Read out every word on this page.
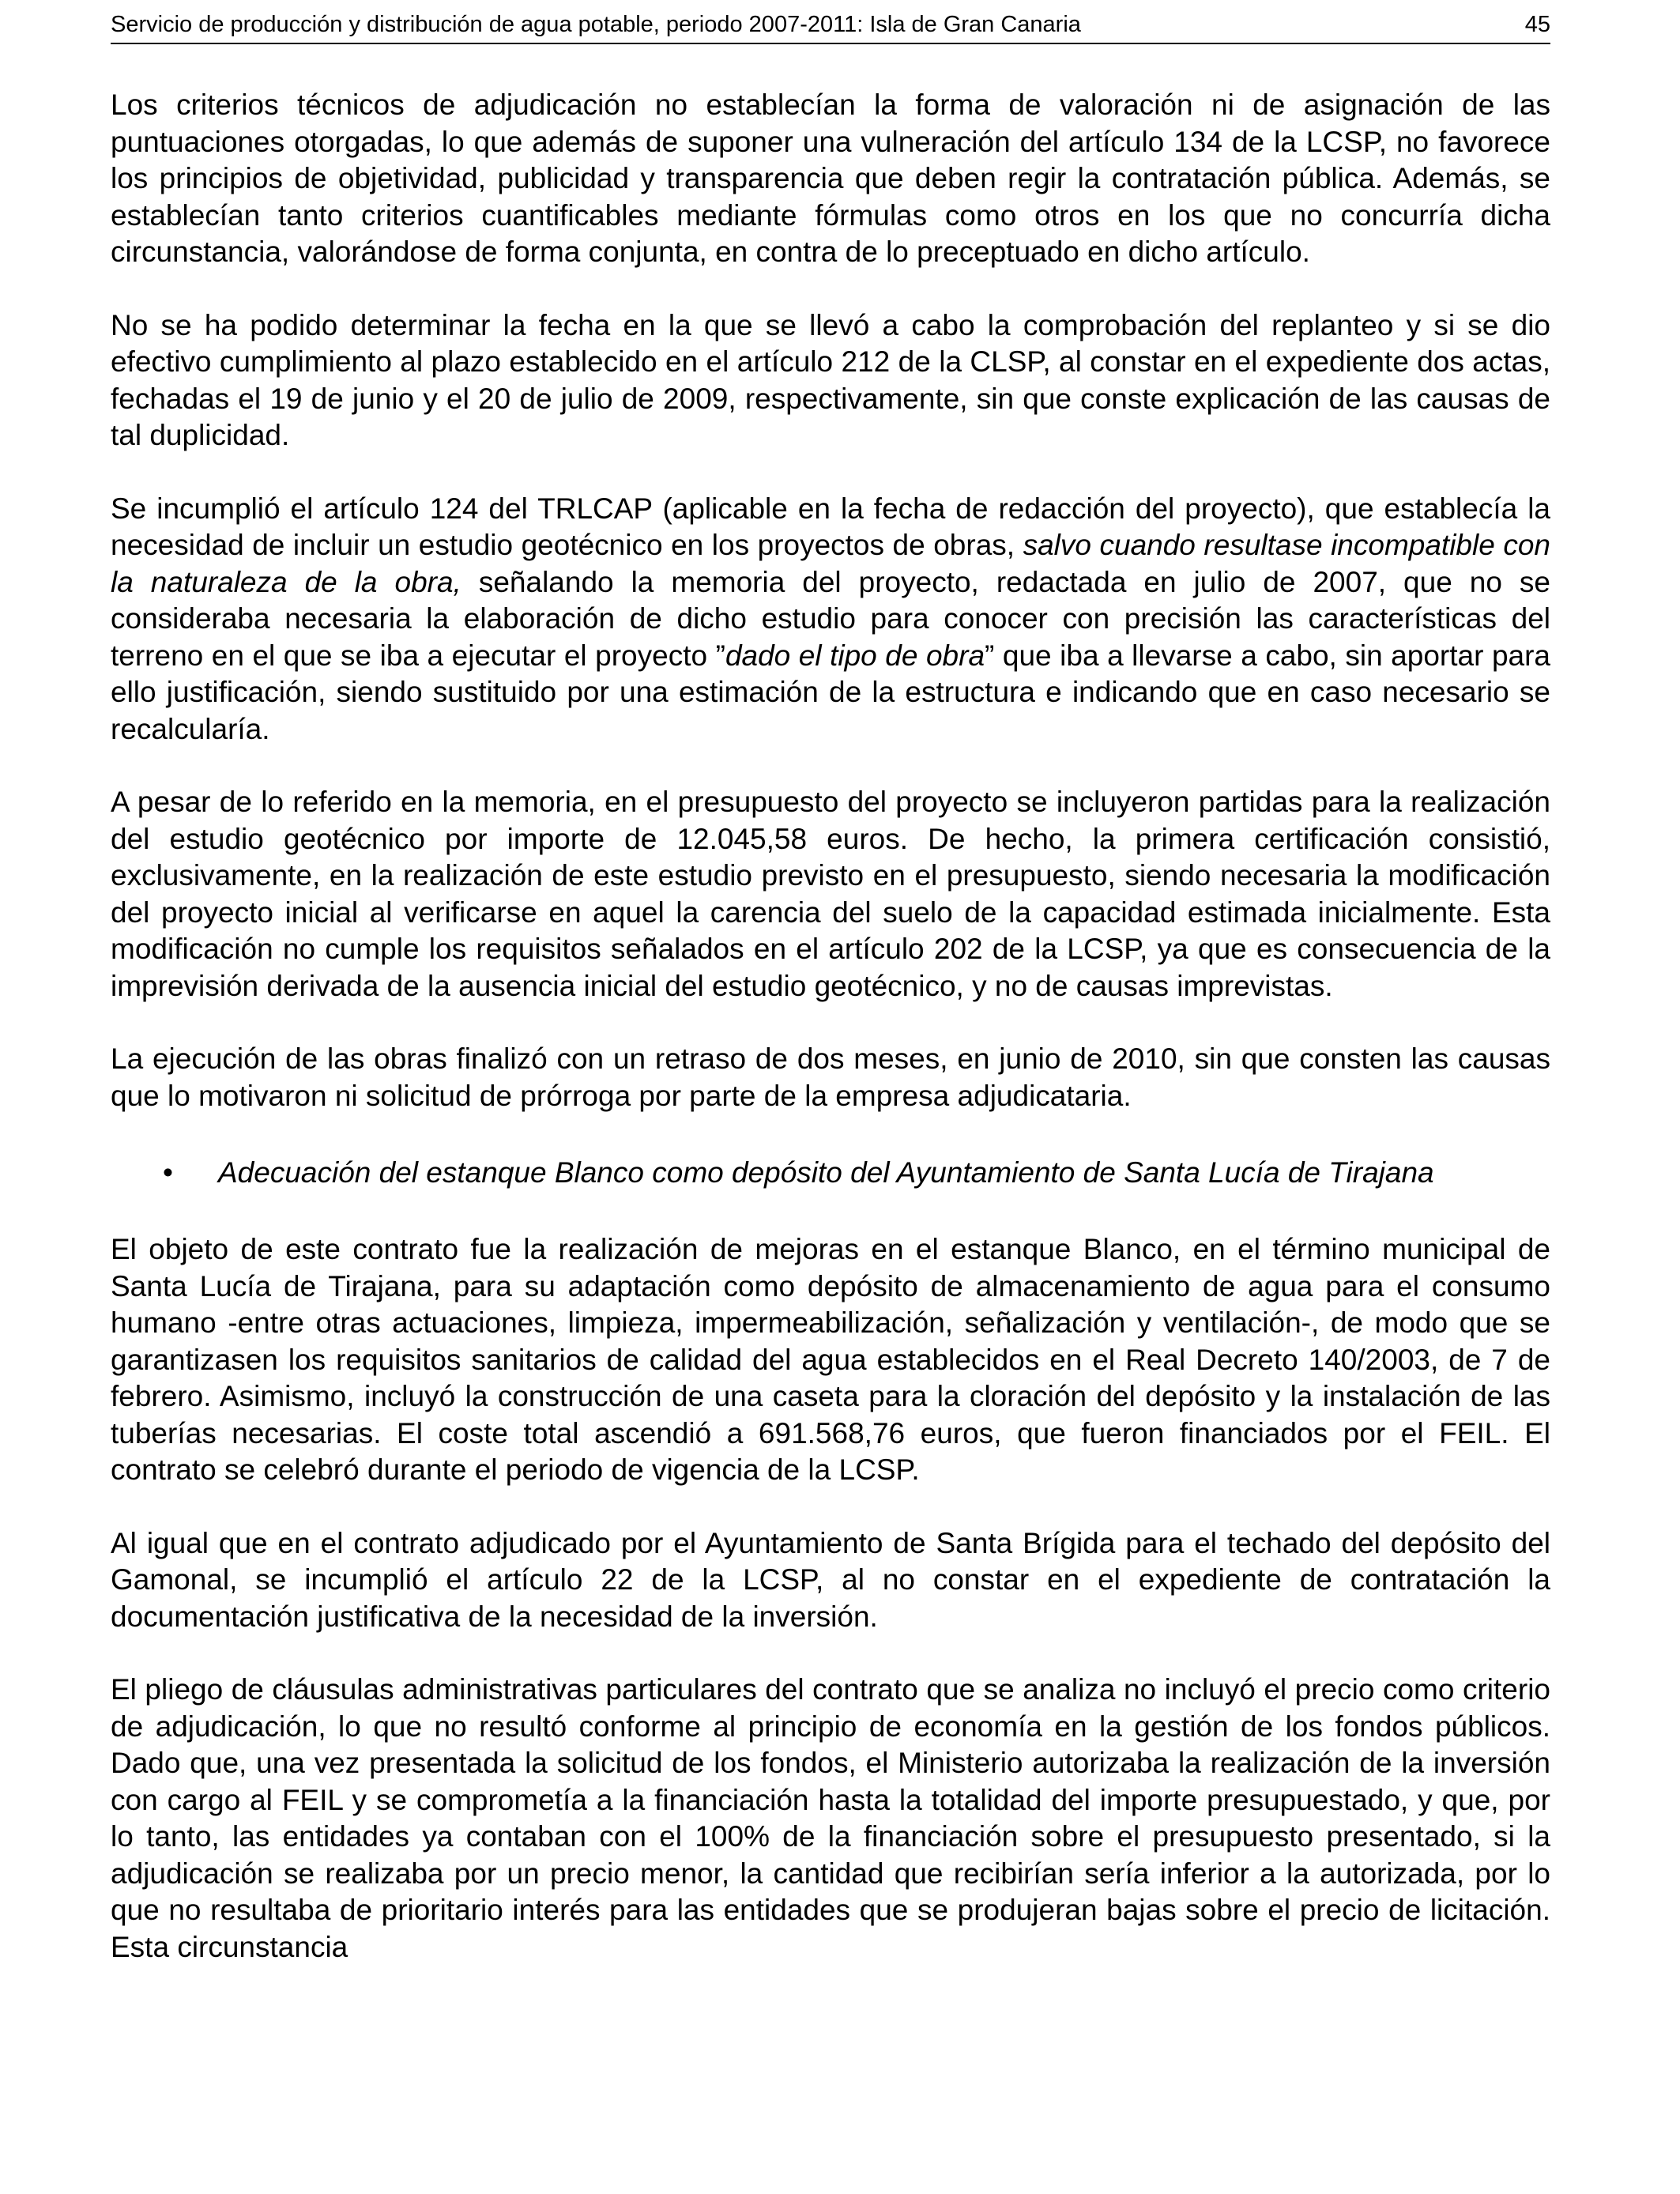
Servicio de producción y distribución de agua potable, periodo 2007-2011: Isla de Gran Canaria	45

Los criterios técnicos de adjudicación no establecían la forma de valoración ni de asignación de las puntuaciones otorgadas, lo que además de suponer una vulneración del artículo 134 de la LCSP, no favorece los principios de objetividad, publicidad y transparencia que deben regir la contratación pública. Además, se establecían tanto criterios cuantificables mediante fórmulas como otros en los que no concurría dicha circunstancia, valorándose de forma conjunta, en contra de lo preceptuado en dicho artículo.

No se ha podido determinar la fecha en la que se llevó a cabo la comprobación del replanteo y si se dio efectivo cumplimiento al plazo establecido en el artículo 212 de la CLSP, al constar en el expediente dos actas, fechadas el 19 de junio y el 20 de julio de 2009, respectivamente, sin que conste explicación de las causas de tal duplicidad.

Se incumplió el artículo 124 del TRLCAP (aplicable en la fecha de redacción del proyecto), que establecía la necesidad de incluir un estudio geotécnico en los proyectos de obras, salvo cuando resultase incompatible con la naturaleza de la obra, señalando la memoria del proyecto, redactada en julio de 2007, que no se consideraba necesaria la elaboración de dicho estudio para conocer con precisión las características del terreno en el que se iba a ejecutar el proyecto ”dado el tipo de obra” que iba a llevarse a cabo, sin aportar para ello justificación, siendo sustituido por una estimación de la estructura e indicando que en caso necesario se recalcularía.

A pesar de lo referido en la memoria, en el presupuesto del proyecto se incluyeron partidas para la realización del estudio geotécnico por importe de 12.045,58 euros. De hecho, la primera certificación consistió, exclusivamente, en la realización de este estudio previsto en el presupuesto, siendo necesaria la modificación del proyecto inicial al verificarse en aquel la carencia del suelo de la capacidad estimada inicialmente. Esta modificación no cumple los requisitos señalados en el artículo 202 de la LCSP, ya que es consecuencia de la imprevisión derivada de la ausencia inicial del estudio geotécnico, y no de causas imprevistas.

La ejecución de las obras finalizó con un retraso de dos meses, en junio de 2010, sin que consten las causas que lo motivaron ni solicitud de prórroga por parte de la empresa adjudicataria.

• Adecuación del estanque Blanco como depósito del Ayuntamiento de Santa Lucía de Tirajana

El objeto de este contrato fue la realización de mejoras en el estanque Blanco, en el término municipal de Santa Lucía de Tirajana, para su adaptación como depósito de almacenamiento de agua para el consumo humano -entre otras actuaciones, limpieza, impermeabilización, señalización y ventilación-, de modo que se garantizasen los requisitos sanitarios de calidad del agua establecidos en el Real Decreto 140/2003, de 7 de febrero. Asimismo, incluyó la construcción de una caseta para la cloración del depósito y la instalación de las tuberías necesarias. El coste total ascendió a 691.568,76 euros, que fueron financiados por el FEIL. El contrato se celebró durante el periodo de vigencia de la LCSP.

Al igual que en el contrato adjudicado por el Ayuntamiento de Santa Brígida para el techado del depósito del Gamonal, se incumplió el artículo 22 de la LCSP, al no constar en el expediente de contratación la documentación justificativa de la necesidad de la inversión.

El pliego de cláusulas administrativas particulares del contrato que se analiza no incluyó el precio como criterio de adjudicación, lo que no resultó conforme al principio de economía en la gestión de los fondos públicos. Dado que, una vez presentada la solicitud de los fondos, el Ministerio autorizaba la realización de la inversión con cargo al FEIL y se comprometía a la financiación hasta la totalidad del importe presupuestado, y que, por lo tanto, las entidades ya contaban con el 100% de la financiación sobre el presupuesto presentado, si la adjudicación se realizaba por un precio menor, la cantidad que recibirían sería inferior a la autorizada, por lo que no resultaba de prioritario interés para las entidades que se produjeran bajas sobre el precio de licitación. Esta circunstancia
